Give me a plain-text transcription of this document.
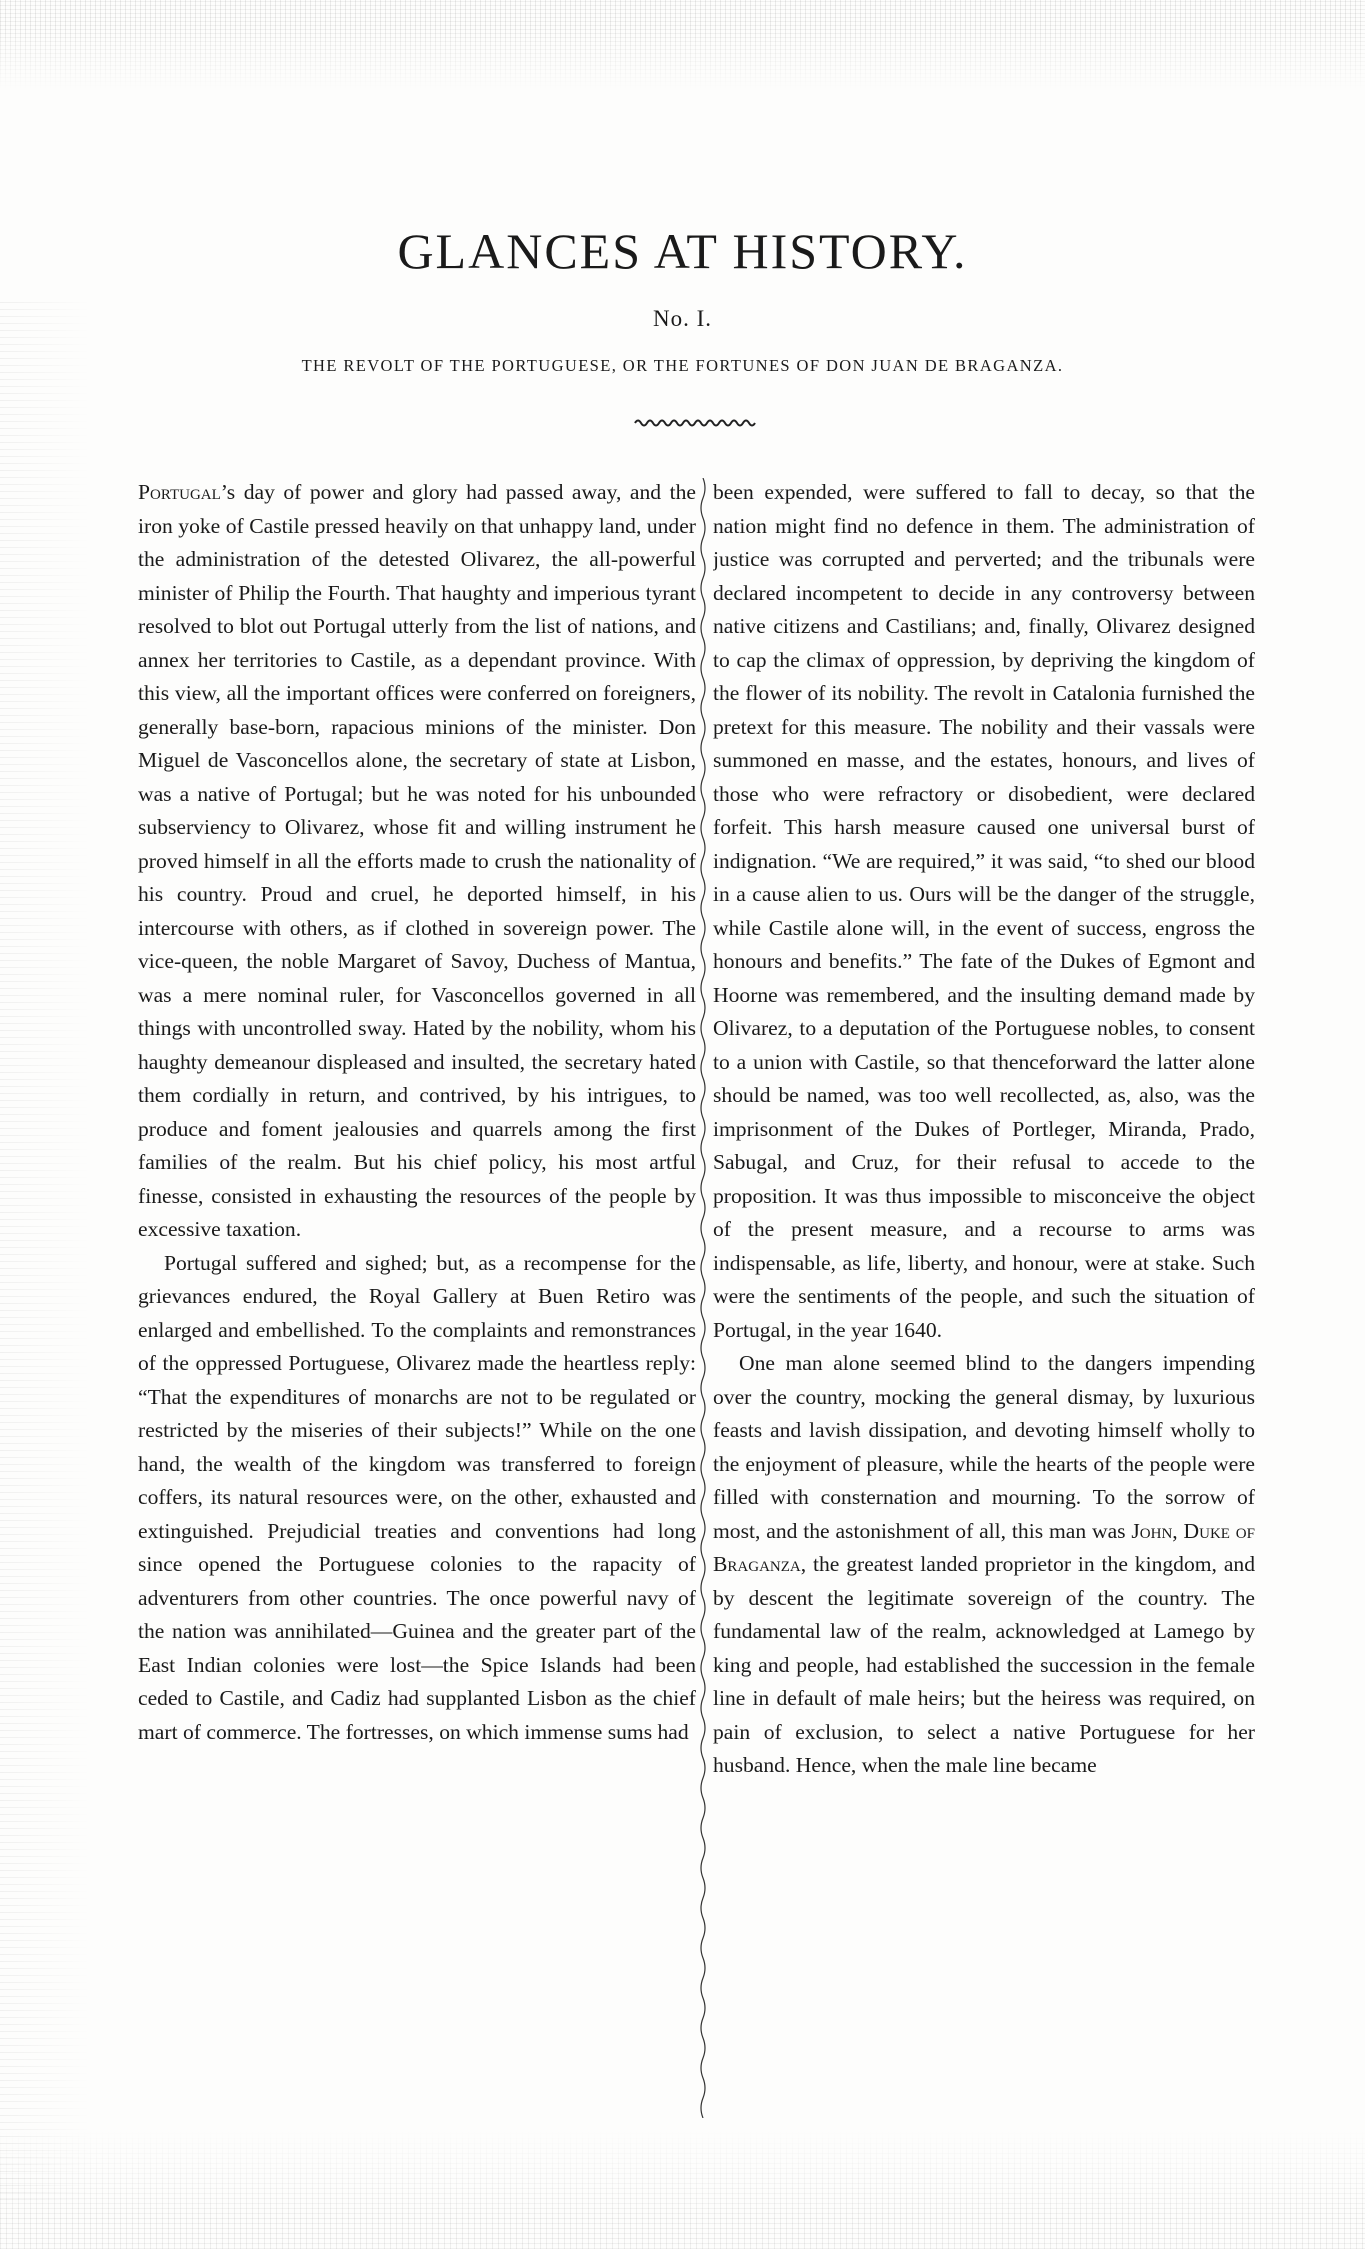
GLANCES AT HISTORY.
No. I.
THE REVOLT OF THE PORTUGUESE, OR THE FORTUNES OF DON JUAN DE BRAGANZA.

Portugal’s day of power and glory had passed away, and the iron yoke of Castile pressed heavily on that unhappy land, under the administration of the detested Olivarez, the all-powerful minister of Philip the Fourth. That haughty and imperious tyrant resolved to blot out Portugal utterly from the list of nations, and annex her territories to Castile, as a dependant province. With this view, all the important offices were conferred on foreigners, generally base-born, rapacious minions of the minister. Don Miguel de Vasconcellos alone, the secretary of state at Lisbon, was a native of Portugal; but he was noted for his unbounded subserviency to Olivarez, whose fit and willing instrument he proved himself in all the efforts made to crush the nationality of his country. Proud and cruel, he deported himself, in his intercourse with others, as if clothed in sovereign power. The vice-queen, the noble Margaret of Savoy, Duchess of Mantua, was a mere nominal ruler, for Vasconcellos governed in all things with uncontrolled sway. Hated by the nobility, whom his haughty demeanour displeased and insulted, the secretary hated them cordially in return, and contrived, by his intrigues, to produce and foment jealousies and quarrels among the first families of the realm. But his chief policy, his most artful finesse, consisted in exhausting the resources of the people by excessive taxation.

Portugal suffered and sighed; but, as a recompense for the grievances endured, the Royal Gallery at Buen Retiro was enlarged and embellished. To the complaints and remonstrances of the oppressed Portuguese, Olivarez made the heartless reply: “That the expenditures of monarchs are not to be regulated or restricted by the miseries of their subjects!” While on the one hand, the wealth of the kingdom was transferred to foreign coffers, its natural resources were, on the other, exhausted and extinguished. Prejudicial treaties and conventions had long since opened the Portuguese colonies to the rapacity of adventurers from other countries. The once powerful navy of the nation was annihilated—Guinea and the greater part of the East Indian colonies were lost—the Spice Islands had been ceded to Castile, and Cadiz had supplanted Lisbon as the chief mart of commerce. The fortresses, on which immense sums had

been expended, were suffered to fall to decay, so that the nation might find no defence in them. The administration of justice was corrupted and perverted; and the tribunals were declared incompetent to decide in any controversy between native citizens and Castilians; and, finally, Olivarez designed to cap the climax of oppression, by depriving the kingdom of the flower of its nobility. The revolt in Catalonia furnished the pretext for this measure. The nobility and their vassals were summoned en masse, and the estates, honours, and lives of those who were refractory or disobedient, were declared forfeit. This harsh measure caused one universal burst of indignation. “We are required,” it was said, “to shed our blood in a cause alien to us. Ours will be the danger of the struggle, while Castile alone will, in the event of success, engross the honours and benefits.” The fate of the Dukes of Egmont and Hoorne was remembered, and the insulting demand made by Olivarez, to a deputation of the Portuguese nobles, to consent to a union with Castile, so that thenceforward the latter alone should be named, was too well recollected, as, also, was the imprisonment of the Dukes of Portleger, Miranda, Prado, Sabugal, and Cruz, for their refusal to accede to the proposition. It was thus impossible to misconceive the object of the present measure, and a recourse to arms was indispensable, as life, liberty, and honour, were at stake. Such were the sentiments of the people, and such the situation of Portugal, in the year 1640.

One man alone seemed blind to the dangers impending over the country, mocking the general dismay, by luxurious feasts and lavish dissipation, and devoting himself wholly to the enjoyment of pleasure, while the hearts of the people were filled with consternation and mourning. To the sorrow of most, and the astonishment of all, this man was John, Duke of Braganza, the greatest landed proprietor in the kingdom, and by descent the legitimate sovereign of the country. The fundamental law of the realm, acknowledged at Lamego by king and people, had established the succession in the female line in default of male heirs; but the heiress was required, on pain of exclusion, to select a native Portuguese for her husband. Hence, when the male line became
